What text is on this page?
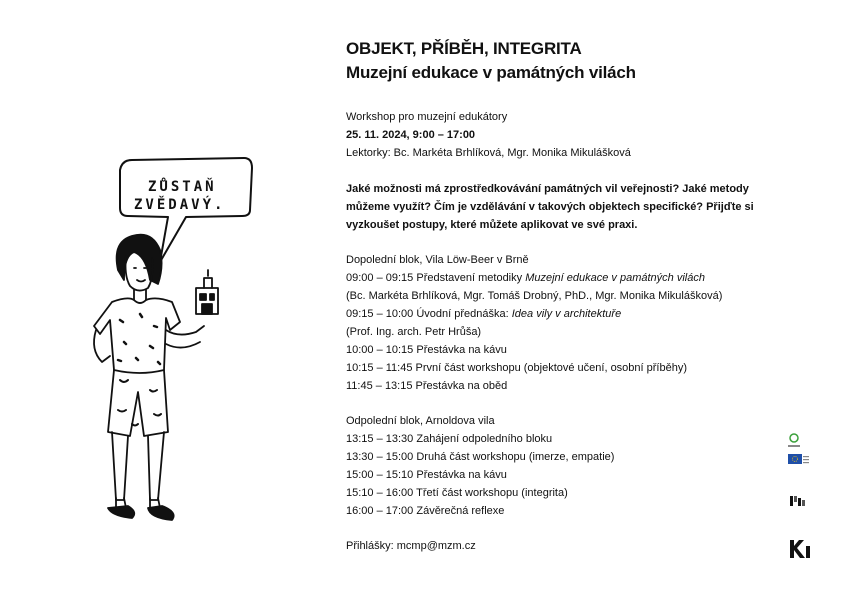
ZŮSTAŇ
ZVĚDAVÝ.
OBJEKT, PŘÍBĚH, INTEGRITA
Muzejní edukace v památných vilách
Workshop pro muzejní edukátory
25. 11. 2024, 9:00 – 17:00
Lektorky: Bc. Markéta Brhlíková, Mgr. Monika Mikulášková
Jaké možnosti má zprostředkovávání památných vil veřejnosti? Jaké metody
můžeme využít? Čím je vzdělávání v takových objektech specifické? Přijďte si
vyzkoušet postupy, které můžete aplikovat ve své praxi.
Dopolední blok, Vila Löw-Beer v Brně
09:00 – 09:15 Představení metodiky Muzejní edukace v památných vilách
(Bc. Markéta Brhlíková, Mgr. Tomáš Drobný, PhD., Mgr. Monika Mikulášková)
09:15 – 10:00 Úvodní přednáška: Idea vily v architektuře
(Prof. Ing. arch. Petr Hrůša)
10:00 – 10:15 Přestávka na kávu
10:15 – 11:45 První část workshopu (objektové učení, osobní příběhy)
11:45 – 13:15 Přestávka na oběd
Odpolední blok, Arnoldova vila
13:15 – 13:30 Zahájení odpoledního bloku
13:30 – 15:00 Druhá část workshopu (imerze, empatie)
15:00 – 15:10 Přestávka na kávu
15:10 – 16:00 Třetí část workshopu (integrita)
16:00 – 17:00 Závěrečná reflexe
Přihlášky: mcmp@mzm.cz
